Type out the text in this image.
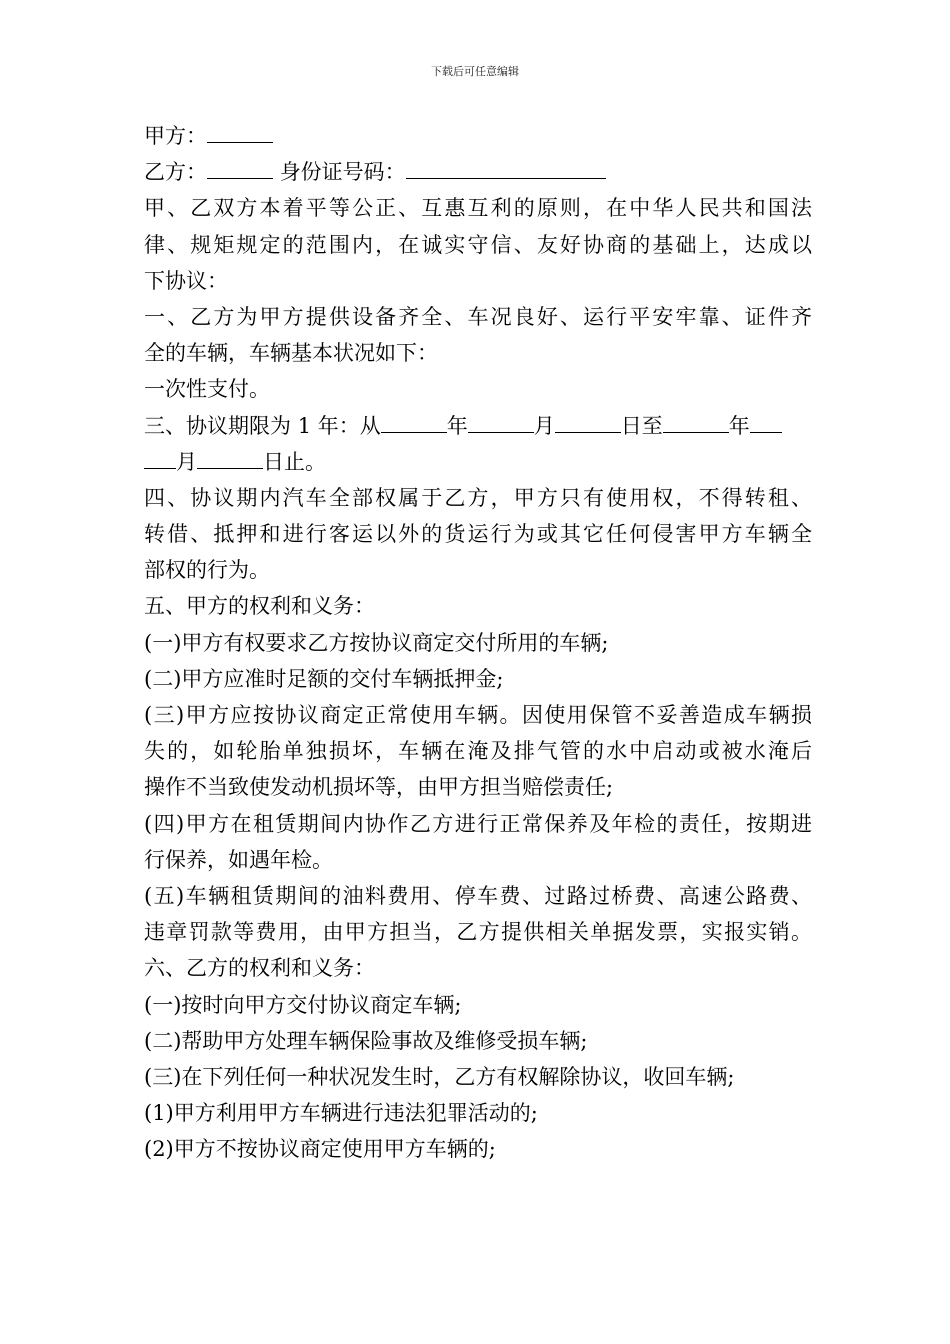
下载后可任意编辑
甲方：
乙方：	身份证号码：
甲、乙双方本着平等公正、互惠互利的原则，在中华人民共和国法
律、规矩规定的范围内，在诚实守信、友好协商的基础上，达成以
下协议：
一、乙方为甲方提供设备齐全、车况良好、运行平安牢靠、证件齐
全的车辆，车辆基本状况如下：
一次性支付。
三、协议期限为 1 年：从	年	月	日至	年
月	日止。
四、协议期内汽车全部权属于乙方，甲方只有使用权，不得转租、
转借、抵押和进行客运以外的货运行为或其它任何侵害甲方车辆全
部权的行为。
五、甲方的权利和义务：
(一)甲方有权要求乙方按协议商定交付所用的车辆;
(二)甲方应准时足额的交付车辆抵押金;
(三)甲方应按协议商定正常使用车辆。因使用保管不妥善造成车辆损
失的，如轮胎单独损坏，车辆在淹及排气管的水中启动或被水淹后
操作不当致使发动机损坏等，由甲方担当赔偿责任;
(四)甲方在租赁期间内协作乙方进行正常保养及年检的责任，按期进
行保养，如遇年检。
(五)车辆租赁期间的油料费用、停车费、过路过桥费、高速公路费、
违章罚款等费用，由甲方担当，乙方提供相关单据发票，实报实销。
六、乙方的权利和义务：
(一)按时向甲方交付协议商定车辆;
(二)帮助甲方处理车辆保险事故及维修受损车辆;
(三)在下列任何一种状况发生时，乙方有权解除协议，收回车辆;
(1)甲方利用甲方车辆进行违法犯罪活动的;
(2)甲方不按协议商定使用甲方车辆的;
